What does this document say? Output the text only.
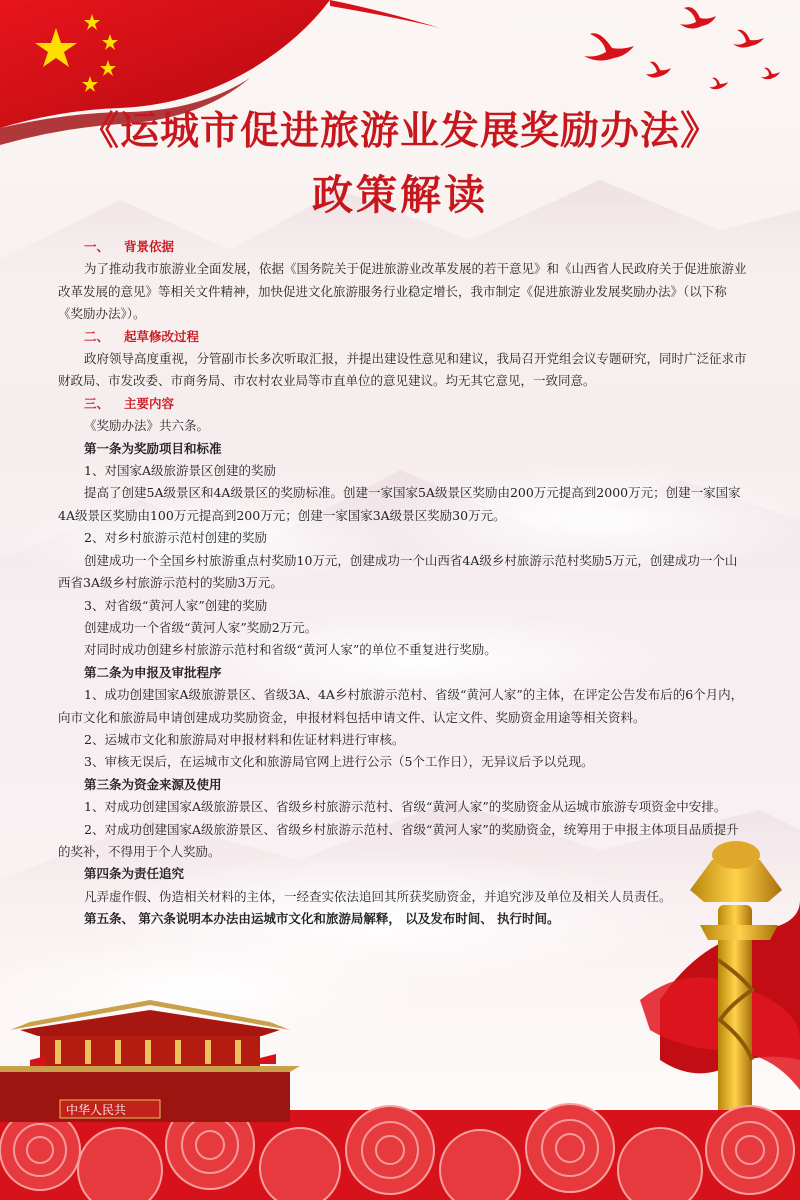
中华人民共
《运城市促进旅游业发展奖励办法》
政策解读

一、 背景依据

为了推动我市旅游业全面发展，依据《国务院关于促进旅游业改革发展的若干意见》和《山西省人民政府关于促进旅游业改革发展的意见》等相关文件精神，加快促进文化旅游服务行业稳定增长，我市制定《促进旅游业发展奖励办法》（以下称《奖励办法》）。

二、 起草修改过程

政府领导高度重视，分管副市长多次听取汇报，并提出建设性意见和建议，我局召开党组会议专题研究，同时广泛征求市财政局、市发改委、市商务局、市农村农业局等市直单位的意见建议。均无其它意见，一致同意。

三、 主要内容

《奖励办法》共六条。

第一条为奖励项目和标准

1、对国家A级旅游景区创建的奖励

提高了创建5A级景区和4A级景区的奖励标准。创建一家国家5A级景区奖励由200万元提高到2000万元；创建一家国家4A级景区奖励由100万元提高到200万元；创建一家国家3A级景区奖励30万元。

2、对乡村旅游示范村创建的奖励

创建成功一个全国乡村旅游重点村奖励10万元，创建成功一个山西省4A级乡村旅游示范村奖励5万元，创建成功一个山西省3A级乡村旅游示范村的奖励3万元。

3、对省级“黄河人家”创建的奖励

创建成功一个省级“黄河人家”奖励2万元。

对同时成功创建乡村旅游示范村和省级“黄河人家”的单位不重复进行奖励。

第二条为申报及审批程序

1、成功创建国家A级旅游景区、省级3A、4A乡村旅游示范村、省级“黄河人家”的主体，在评定公告发布后的6个月内，向市文化和旅游局申请创建成功奖励资金，申报材料包括申请文件、认定文件、奖励资金用途等相关资料。

2、运城市文化和旅游局对申报材料和佐证材料进行审核。

3、审核无误后，在运城市文化和旅游局官网上进行公示（5个工作日），无异议后予以兑现。

第三条为资金来源及使用

1、对成功创建国家A级旅游景区、省级乡村旅游示范村、省级“黄河人家”的奖励资金从运城市旅游专项资金中安排。

2、对成功创建国家A级旅游景区、省级乡村旅游示范村、省级“黄河人家”的奖励资金，统筹用于申报主体项目品质提升的奖补，不得用于个人奖励。

第四条为责任追究

凡弄虚作假、伪造相关材料的主体，一经查实依法追回其所获奖励资金，并追究涉及单位及相关人员责任。

第五条、 第六条说明本办法由运城市文化和旅游局解释， 以及发布时间、 执行时间。
